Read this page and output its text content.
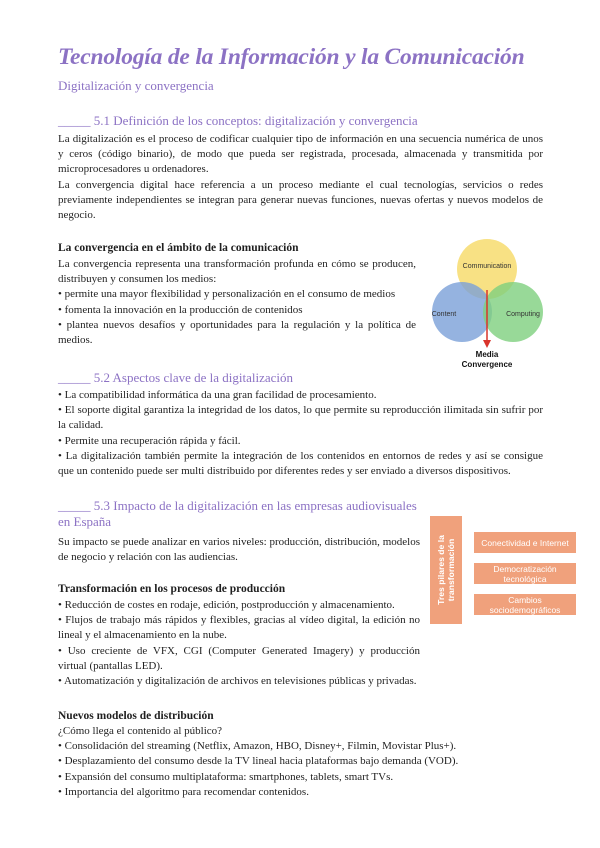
Tecnología de la Información y la Comunicación
Digitalización y convergencia
_____ 5.1 Definición de los conceptos: digitalización y convergencia

La digitalización es el proceso de codificar cualquier tipo de información en una secuencia numérica de unos y ceros (código binario), de modo que pueda ser registrada, procesada, almacenada y transmitida por microprocesadores u ordenadores.

La convergencia digital hace referencia a un proceso mediante el cual tecnologías, servicios o redes previamente independientes se integran para generar nuevas funciones, nuevas ofertas y nuevos modelos de negocio.

La convergencia en el ámbito de la comunicación

La convergencia representa una transformación profunda en cómo se producen, distribuyen y consumen los medios:

• permite una mayor flexibilidad y personalización en el consumo de medios
• fomenta la innovación en la producción de contenidos
• plantea nuevos desafíos y oportunidades para la regulación y la política de medios.
Communication
Content	Computing
Media
Convergence
_____ 5.2 Aspectos clave de la digitalización
• La compatibilidad informática da una gran facilidad de procesamiento.
• El soporte digital garantiza la integridad de los datos, lo que permite su reproducción ilimitada sin sufrir por la calidad.
• Permite una recuperación rápida y fácil.
• La digitalización también permite la integración de los contenidos en entornos de redes y así se consigue que un contenido puede ser multi distribuido por diferentes redes y ser enviado a diversos dispositivos.
_____ 5.3 Impacto de la digitalización en las empresas audiovisuales en España
Su impacto se puede analizar en varios niveles: producción, distribución, modelos de negocio y relación con las audiencias.
Transformación en los procesos de producción
• Reducción de costes en rodaje, edición, postproducción y almacenamiento.
• Flujos de trabajo más rápidos y flexibles, gracias al vídeo digital, la edición no lineal y el almacenamiento en la nube.
• Uso creciente de VFX, CGI (Computer Generated Imagery) y producción virtual (pantallas LED).
• Automatización y digitalización de archivos en televisiones públicas y privadas.
Tres pilares de la transformación	Conectividad e Internet
Democratización tecnológica
Cambios sociodemográficos
Nuevos modelos de distribución

¿Cómo llega el contenido al público?

• Consolidación del streaming (Netflix, Amazon, HBO, Disney+, Filmin, Movistar Plus+).
• Desplazamiento del consumo desde la TV lineal hacia plataformas bajo demanda (VOD).
• Expansión del consumo multiplataforma: smartphones, tablets, smart TVs.
• Importancia del algoritmo para recomendar contenidos.
